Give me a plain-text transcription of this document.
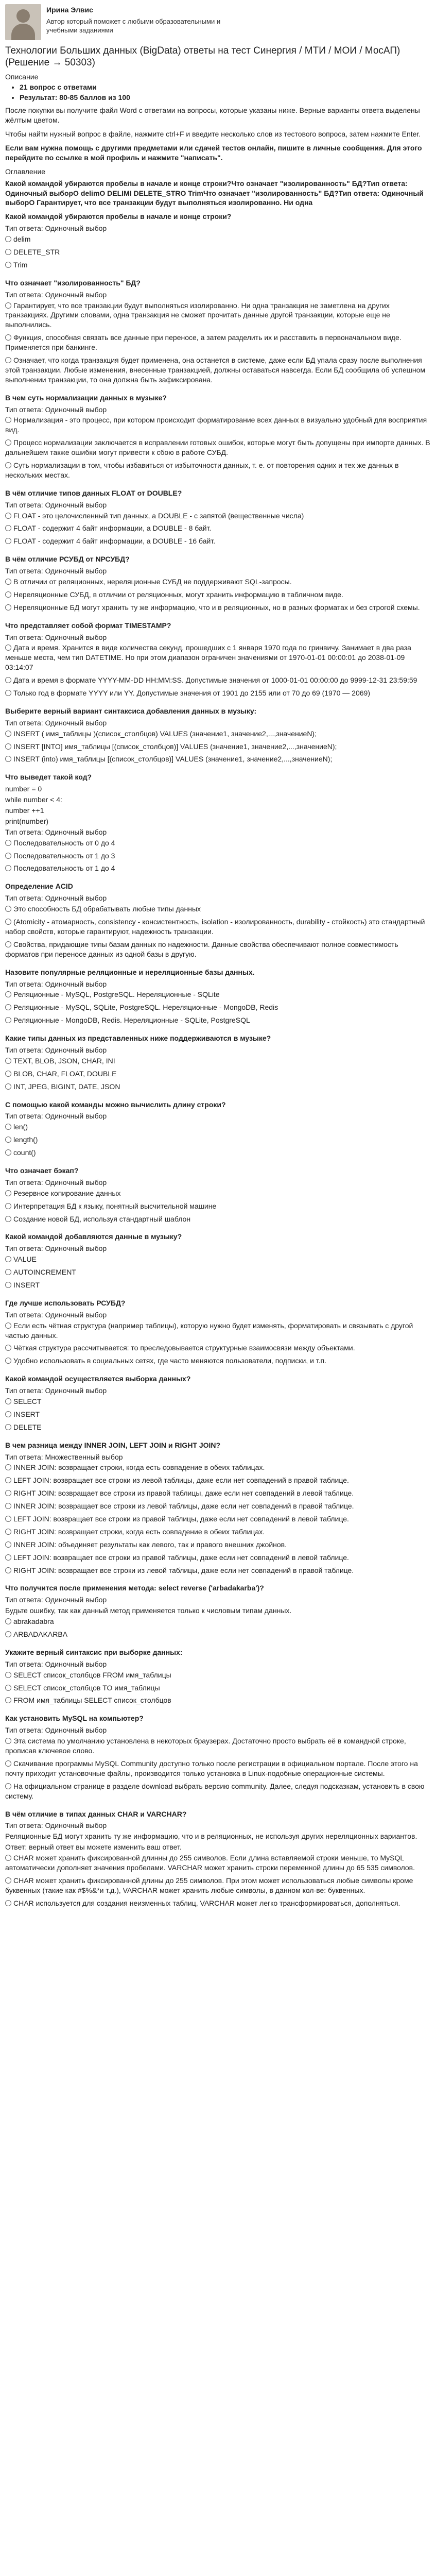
Ирина Элвис
Автор который поможет с любыми образовательными и учебными заданиями
Технологии Больших данных (BigData) ответы на тест Синергия / МТИ / МОИ / МосАП) (Решение → 50303)
Описание
• 21 вопрос с ответами
• Результат: 80-85 баллов из 100

После покупки вы получите файл Word с ответами на вопросы, которые указаны ниже. Верные варианты ответа выделены жёлтым цветом.

Чтобы найти нужный вопрос в файле, нажмите ctrl+F и введите несколько слов из тестового вопроса, затем нажмите Enter.

Если вам нужна помощь с другими предметами или сдачей тестов онлайн, пишите в личные сообщения. Для этого перейдите по ссылке в мой профиль и нажмите "написать".

Оглавление

Какой командой убираются пробелы в начале и конце строки?Что означает "изолированность" БД?Тип ответа: Одиночный выборО delimО DELIMI DELETE_STRO TrimЧто означает "изолированность" БД?Тип ответа: Одиночный выборО Гарантирует, что все транзакции будут выполняться изолированно. Ни одна

Какой командой убираются пробелы в начале и конце строки?
Тип ответа: Одиночный выбор
delim
DELETE_STR
Trim
Что означает "изолированность" БД?
Тип ответа: Одиночный выбор
Гарантирует, что все транзакции будут выполняться изолированно. Ни одна транзакция не заметлена на других транзакциях. Другими словами, одна транзакция не сможет прочитать данные другой транзакции, которые еще не выполнились.
Функция, способная связать все данные при переносе, а затем разделить их и расставить в первоначальном виде. Применяется при банкинге.
Означает, что когда транзакция будет применена, она останется в системе, даже если БД упала сразу после выполнения этой транзакции. Любые изменения, внесенные транзакцией, должны оставаться навсегда. Если БД сообщила об успешном выполнении транзакции, то она должна быть зафиксирована.
В чем суть нормализации данных в музыке?
Тип ответа: Одиночный выбор
Нормализация - это процесс, при котором происходит форматирование всех данных в визуально удобный для восприятия вид.
Процесс нормализации заключается в исправлении готовых ошибок, которые могут быть допущены при импорте данных. В дальнейшем также ошибки могут привести к сбою в работе СУБД.
Суть нормализации в том, чтобы избавиться от избыточности данных, т. е. от повторения одних и тех же данных в нескольких местах.
В чём отличие типов данных FLOAT от DOUBLE?
Тип ответа: Одиночный выбор
FLOAT - это целочисленный тип данных, а DOUBLE - с запятой (вещественные числа)
FLOAT - содержит 4 байт информации, а DOUBLE - 8 байт.
FLOAT - содержит 4 байт информации, а DOUBLE - 16 байт.
В чём отличие РСУБД от NРСУБД?
Тип ответа: Одиночный выбор
В отличии от реляционных, нереляционные СУБД не поддерживают SQL-запросы.
Нереляционные СУБД, в отличии от реляционных, могут хранить информацию в табличном виде.
Нереляционные БД могут хранить ту же информацию, что и в реляционных, но в разных форматах и без строгой схемы.
Что представляет собой формат TIMESTAMP?
Тип ответа: Одиночный выбор
Дата и время. Хранится в виде количества секунд, прошедших с 1 января 1970 года по гринвичу. Занимает в два раза меньше места, чем тип DATETIME. Но при этом диапазон ограничен значениями от 1970-01-01 00:00:01 до 2038-01-09 03:14:07
Дата и время в формате YYYY-MM-DD HH:MM:SS. Допустимые значения от 1000-01-01 00:00:00 до 9999-12-31 23:59:59
Только год в формате YYYY или YY. Допустимые значения от 1901 до 2155 или от 70 до 69 (1970 — 2069)
Выберите верный вариант синтаксиса добавления данных в музыку:
Тип ответа: Одиночный выбор
INSERT ( имя_таблицы )(список_столбцов) VALUES (значение1, значение2,...,значениеN);
INSERT [INTO] имя_таблицы [(список_столбцов)] VALUES (значение1, значение2,...,значениеN);
INSERT (into) имя_таблицы [(список_столбцов)] VALUES (значение1, значение2,...,значениеN);
Что выведет такой код?
number = 0
while number < 4:
number ++1
print(number)
Тип ответа: Одиночный выбор
Последовательность от 0 до 4
Последовательность от 1 до 3
Последовательность от 1 до 4
Определение ACID
Тип ответа: Одиночный выбор
Это способность БД обрабатывать любые типы данных
(Atomicity - атомарность, consistency - консистентность, isolation - изолированность, durability - стойкость) это стандартный набор свойств, которые гарантируют, надежность транзакции.
Свойства, придающие типы базам данных по надежности. Данные свойства обеспечивают полное совместимость форматов при переносе данных из одной базы в другую.
Назовите популярные реляционные и нереляционные базы данных.
Тип ответа: Одиночный выбор
Реляционные - MySQL, PostgreSQL. Нереляционные - SQLite
Реляционные - MySQL, SQLite, PostgreSQL. Нереляционные - MongoDB, Redis
Реляционные - MongoDB, Redis. Нереляционные - SQLite, PostgreSQL
Какие типы данных из представленных ниже поддерживаются в музыке?
Тип ответа: Одиночный выбор
TEXT, BLOB, JSON, CHAR, INI
BLOB, CHAR, FLOAT, DOUBLE
INT, JPEG, BIGINT, DATE, JSON
С помощью какой команды можно вычислить длину строки?
Тип ответа: Одиночный выбор
len()
length()
count()
Что означает бэкап?
Тип ответа: Одиночный выбор
Резервное копирование данных
Интерпретация БД к языку, понятный высчительной машине
Создание новой БД, используя стандартный шаблон
Какой командой добавляются данные в музыку?
Тип ответа: Одиночный выбор
VALUE
AUTOINCREMENT
INSERT
Где лучше использовать РСУБД?
Тип ответа: Одиночный выбор
Если есть чётная структура (например таблицы), которую нужно будет изменять, форматировать и связывать с другой частью данных.
Чёткая структура рассчитывается: то преследовывается структурные взаимосвязи между объектами.
Удобно использовать в социальных сетях, где часто меняются пользователи, подписки, и т.п.
Какой командой осуществляется выборка данных?
Тип ответа: Одиночный выбор
SELECT
INSERT
DELETE
В чем разница между INNER JOIN, LEFT JOIN и RIGHT JOIN?
Тип ответа: Множественный выбор
INNER JOIN: возвращает строки, когда есть совпадение в обеих таблицах.
LEFT JOIN: возвращает все строки из левой таблицы, даже если нет совпадений в правой таблице.
RIGHT JOIN: возвращает все строки из правой таблицы, даже если нет совпадений в левой таблице.
INNER JOIN: возвращает все строки из левой таблицы, даже если нет совпадений в правой таблице.
LEFT JOIN: возвращает все строки из правой таблицы, даже если нет совпадений в левой таблице.
RIGHT JOIN: возвращает строки, когда есть совпадение в обеих таблицах.
INNER JOIN: объединяет результаты как левого, так и правого внешних джойнов.
LEFT JOIN: возвращает все строки из правой таблицы, даже если нет совпадений в левой таблице.
RIGHT JOIN: возвращает все строки из левой таблицы, даже если нет совпадений в правой таблице.
Что получится после применения метода: select reverse ('arbadakarba')?
Тип ответа: Одиночный выбор
Будьте ошибку, так как данный метод применяется только к числовым типам данных.
abrakadabra
ARBADAKARBA
Укажите верный синтаксис при выборке данных:
Тип ответа: Одиночный выбор
SELECT список_столбцов FROM имя_таблицы
SELECT список_столбцов TO имя_таблицы
FROM имя_таблицы SELECT список_столбцов
Как установить MySQL на компьютер?
Тип ответа: Одиночный выбор
Эта система по умолчанию установлена в некоторых браузерах. Достаточно просто выбрать её в командной строке, прописав ключевое слово.
Скачивание программы MySQL Community доступно только после регистрации в официальном портале. После этого на почту приходит установочные файлы, производится только установка в Linux-подобные операционные системы.
На официальном странице в разделе download выбрать версию community. Далее, следуя подсказкам, установить в свою систему.
В чём отличие в типах данных CHAR и VARCHAR?
Тип ответа: Одиночный выбор
Реляционные БД могут хранить ту же информацию, что и в реляционных, не используя других нереляционных вариантов.
Ответ: верный ответ вы можете изменить ваш ответ.
CHAR может хранить фиксированной длинны до 255 символов. Если длина вставляемой строки меньше, то MySQL автоматически дополняет значения пробелами. VARCHAR может хранить строки переменной длины до 65 535 символов.
CHAR может хранить фиксированной длины до 255 символов. При этом может использоваться любые символы кроме буквенных (такие как #$%&*и т.д.), VARCHAR может хранить любые символы, в данном кол-ве: буквенных.
CHAR используется для создания неизменных таблиц, VARCHAR может легко трансформироваться, дополняться.
